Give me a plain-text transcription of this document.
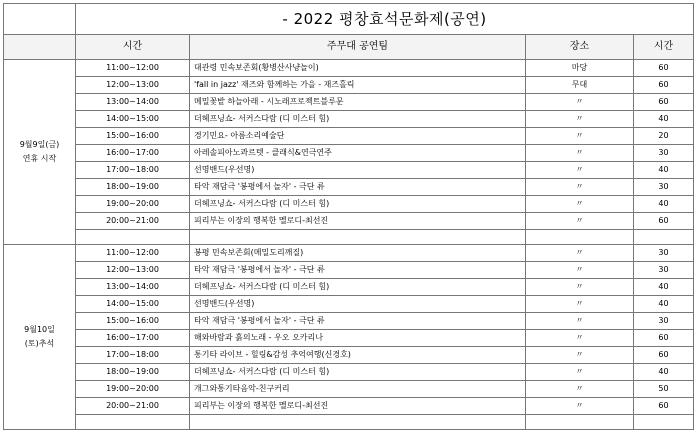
	- 2022 평창효석문화제(공연)			
	시간	주무대 공연팀	장소	시간

9월9일(금)
연휴 시작	11:00~12:00	대관령 민속보존회(황병산사냥놀이)	마당	60
	12:00~13:00	'fall in jazz' 재즈와 함께하는 가을 - 재즈홀릭	무대	60
	13:00~14:00	메밀꽃밭 하늘아래 - 시노래프로젝트블루문	〃	60
	14:00~15:00	더헤프닝쇼- 서커스다람 (디 미스터 힘)	〃	40
	15:00~16:00	경기민요- 아름소리예술단	〃	20
	16:00~17:00	아레솔피아노콰르텟 - 클래식&연극연주	〃	30
	17:00~18:00	선명밴드(우선명)	〃	40
	18:00~19:00	타악 재담극 '봉평에서 놀자' - 극단 류	〃	30
	19:00~20:00	더헤프닝쇼- 서커스다람 (디 미스터 힘)	〃	40
	20:00~21:00	피리부는 이장의 행복한 멜로디-최선진	〃	60

9월10일
(토)추석	11:00~12:00	봉평 민속보존회(메밀도리깨질)	〃	30
	12:00~13:00	타악 재담극 '봉평에서 놀자' - 극단 류	〃	30
	13:00~14:00	더헤프닝쇼- 서커스다람 (디 미스터 힘)	〃	40
	14:00~15:00	선명밴드(우선명)	〃	40
	15:00~16:00	타악 재담극 '봉평에서 놀자' - 극단 류	〃	30
	16:00~17:00	해와바람과 흙의노래 - 우오 오카리나	〃	60
	17:00~18:00	통기타 라이브 - 힐링&감성 추억여행(신경호)	〃	60
	18:00~19:00	더헤프닝쇼- 서커스다람 (디 미스터 힘)	〃	40
	19:00~20:00	개그와통기타음악-친구커리	〃	50
	20:00~21:00	피리부는 이장의 행복한 멜로디-최선진	〃	60
